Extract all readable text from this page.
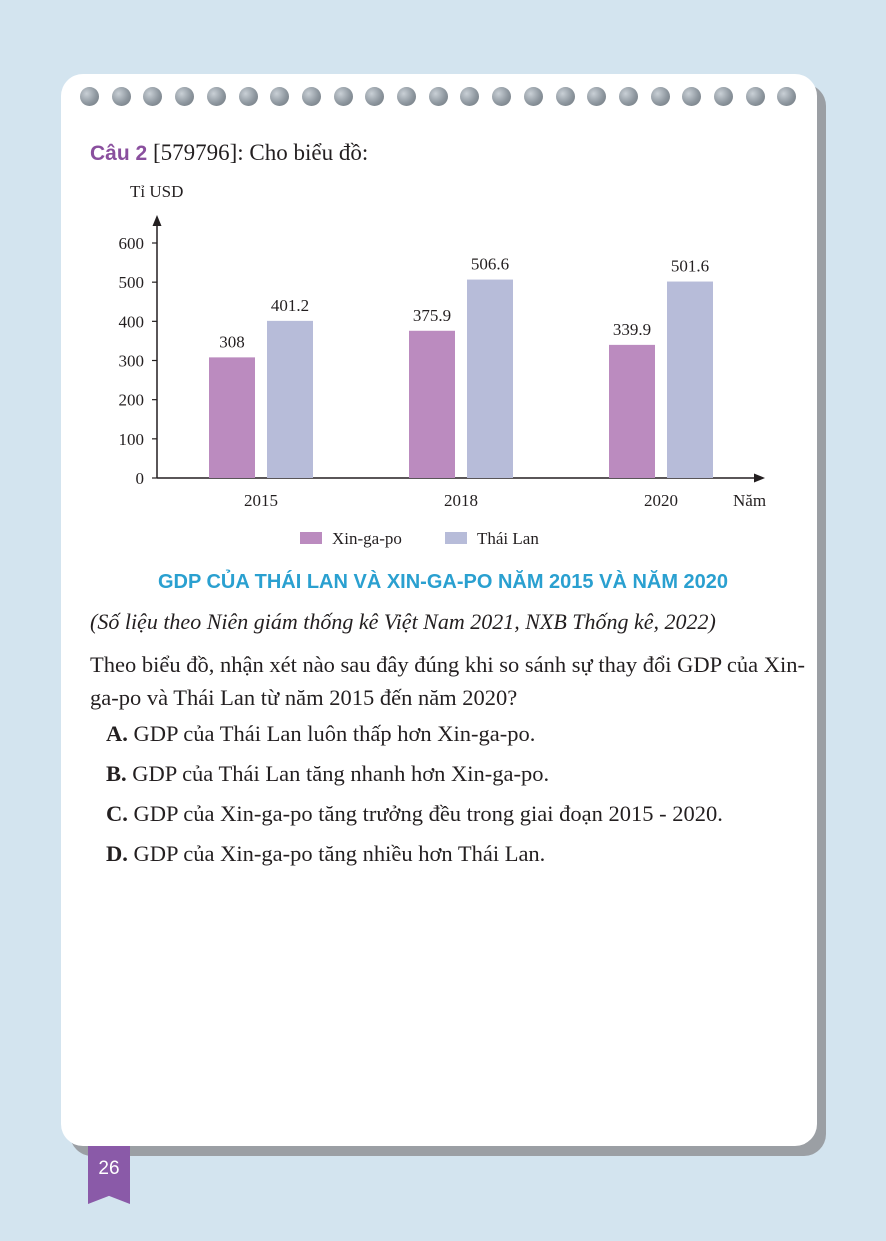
Câu 2 [579796]: Cho biểu đồ:
Tỉ USD
0
100
200
300
400
500
600
308
401.2
2015
375.9
506.6
2018
339.9
501.6
2020	Năm
Xin-ga-po	Thái Lan
GDP CỦA THÁI LAN VÀ XIN-GA-PO NĂM 2015 VÀ NĂM 2020
(Số liệu theo Niên giám thống kê Việt Nam 2021, NXB Thống kê, 2022)
Theo biểu đồ, nhận xét nào sau đây đúng khi so sánh sự thay đổi GDP của Xin-ga-po và Thái Lan từ năm 2015 đến năm 2020?
A. GDP của Thái Lan luôn thấp hơn Xin-ga-po.
B. GDP của Thái Lan tăng nhanh hơn Xin-ga-po.
C. GDP của Xin-ga-po tăng trưởng đều trong giai đoạn 2015 - 2020.
D. GDP của Xin-ga-po tăng nhiều hơn Thái Lan.
26
